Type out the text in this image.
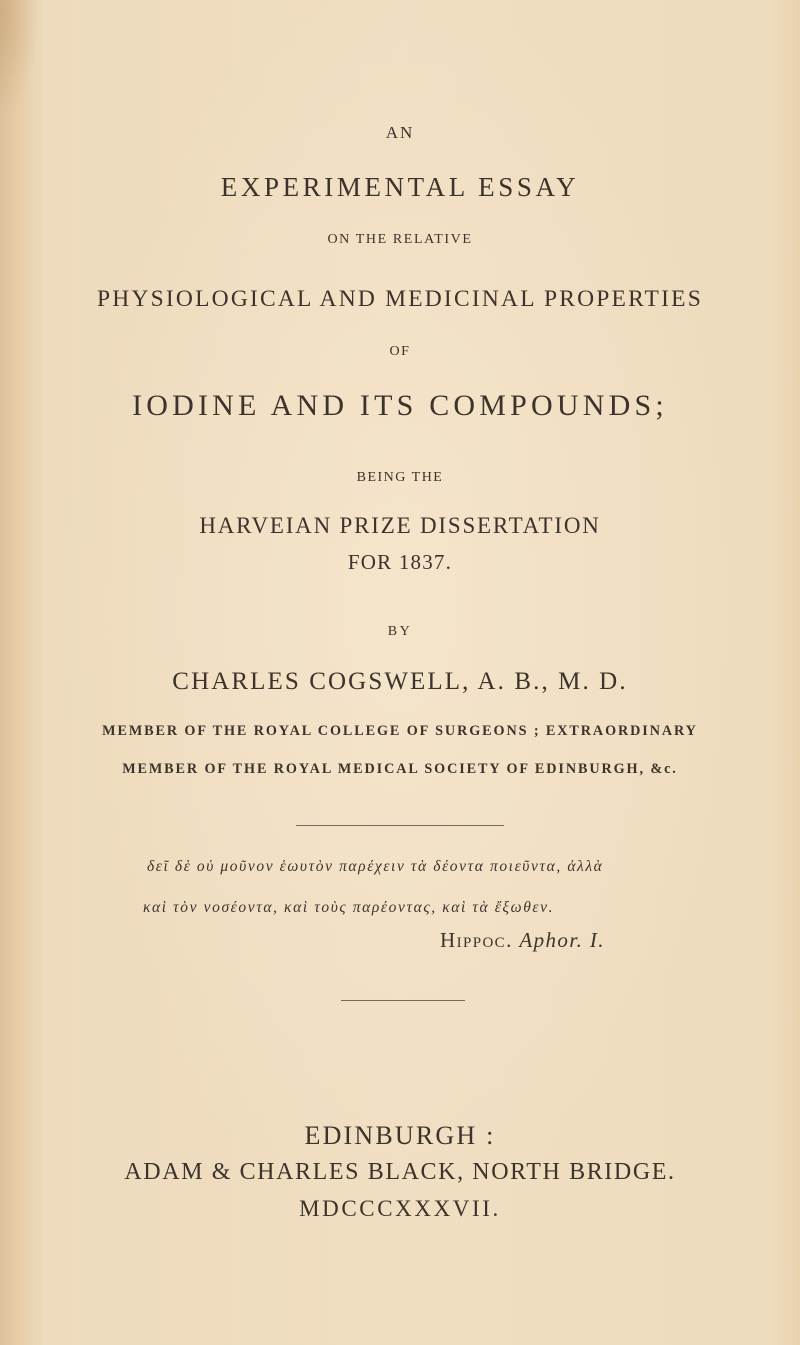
AN
EXPERIMENTAL ESSAY
ON THE RELATIVE
PHYSIOLOGICAL AND MEDICINAL PROPERTIES
OF
IODINE AND ITS COMPOUNDS;
BEING THE
HARVEIAN PRIZE DISSERTATION
FOR 1837.
BY
CHARLES COGSWELL, A. B., M. D.
MEMBER OF THE ROYAL COLLEGE OF SURGEONS ; EXTRAORDINARY
MEMBER OF THE ROYAL MEDICAL SOCIETY OF EDINBURGH, &c.
δεῖ δὲ οὐ μοῦνον ἑωυτὸν παρέχειν τὰ δέοντα ποιεῦντα, ἀλλὰ
καὶ τὸν νοσέοντα, καὶ τοὺς παρέοντας, καὶ τὰ ἔξωθεν.
Hippoc. Aphor. I.
EDINBURGH :
ADAM & CHARLES BLACK, NORTH BRIDGE.
MDCCCXXXVII.
